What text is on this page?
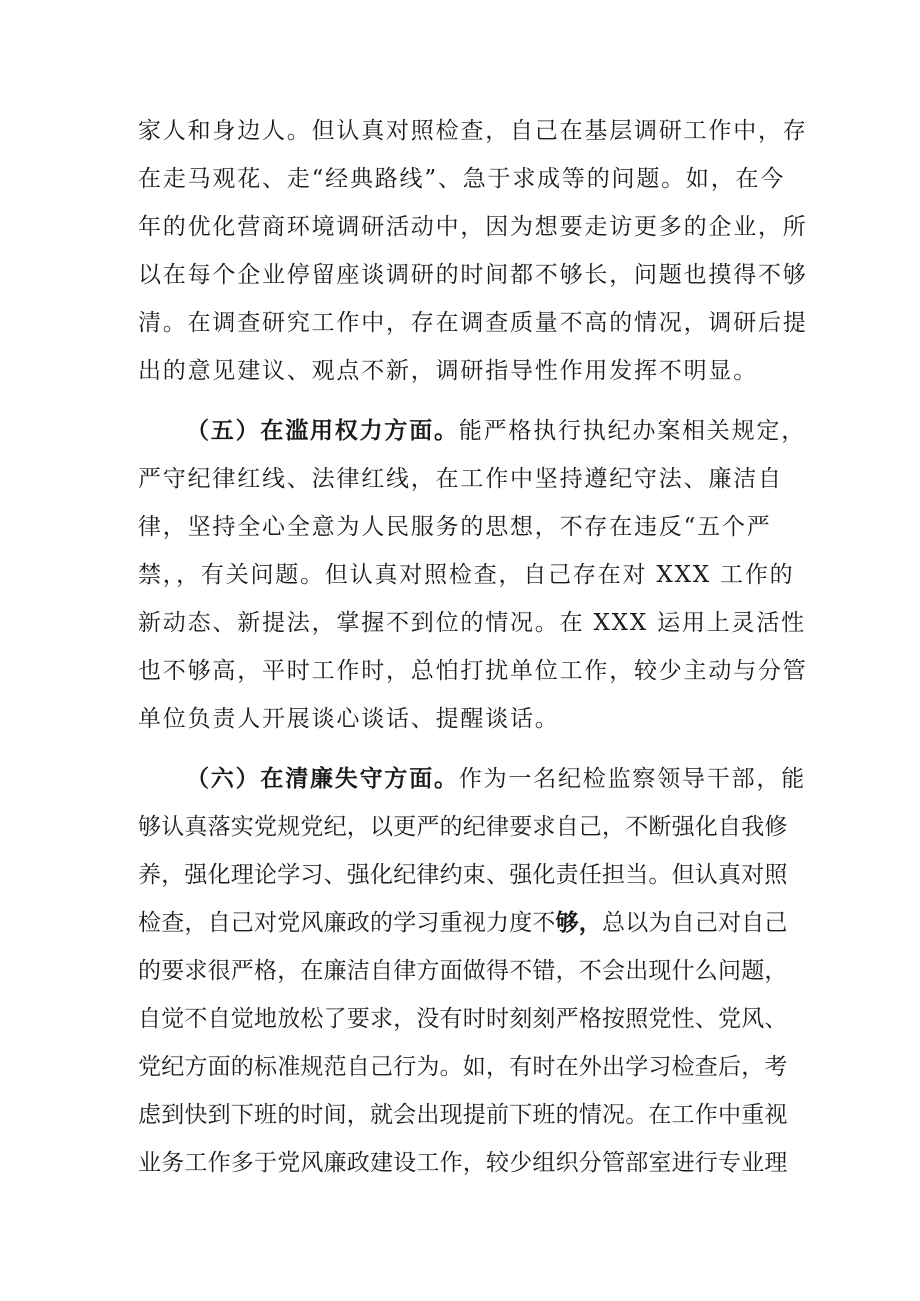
家人和身边人。但认真对照检查，自己在基层调研工作中，存
在走马观花、走“经典路线”、急于求成等的问题。如，在今
年的优化营商环境调研活动中，因为想要走访更多的企业，所
以在每个企业停留座谈调研的时间都不够长，问题也摸得不够
清。在调查研究工作中，存在调查质量不高的情况，调研后提
出的意见建议、观点不新，调研指导性作用发挥不明显。
（五）在滥用权力方面。能严格执行执纪办案相关规定，
严守纪律红线、法律红线，在工作中坚持遵纪守法、廉洁自
律，坚持全心全意为人民服务的思想，不存在违反“五个严
禁，，有关问题。但认真对照检查，自己存在对 XXX 工作的
新动态、新提法，掌握不到位的情况。在 XXX 运用上灵活性
也不够高，平时工作时，总怕打扰单位工作，较少主动与分管
单位负责人开展谈心谈话、提醒谈话。
（六）在清廉失守方面。作为一名纪检监察领导干部，能
够认真落实党规党纪，以更严的纪律要求自己，不断强化自我修
养，强化理论学习、强化纪律约束、强化责任担当。但认真对照
检查，自己对党风廉政的学习重视力度不够，总以为自己对自己
的要求很严格，在廉洁自律方面做得不错，不会出现什么问题，
自觉不自觉地放松了要求，没有时时刻刻严格按照党性、党风、
党纪方面的标准规范自己行为。如，有时在外出学习检查后，考
虑到快到下班的时间，就会出现提前下班的情况。在工作中重视
业务工作多于党风廉政建设工作，较少组织分管部室进行专业理
